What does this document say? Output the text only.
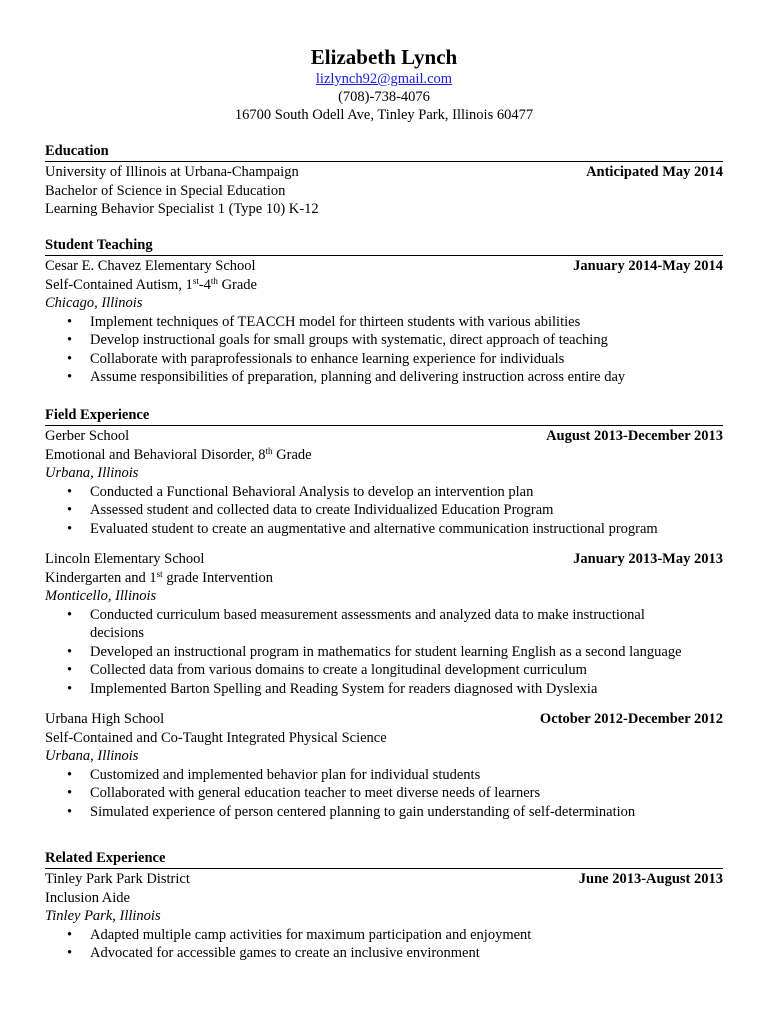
Elizabeth Lynch
lizlynch92@gmail.com
(708)-738-4076
16700 South Odell Ave, Tinley Park, Illinois 60477
Education
University of Illinois at Urbana-Champaign	Anticipated May 2014
Bachelor of Science in Special Education
Learning Behavior Specialist 1 (Type 10) K-12
Student Teaching
Cesar E. Chavez Elementary School	January 2014-May 2014
Self-Contained Autism, 1st-4th Grade
Chicago, Illinois
• Implement techniques of TEACCH model for thirteen students with various abilities
• Develop instructional goals for small groups with systematic, direct approach of teaching
• Collaborate with paraprofessionals to enhance learning experience for individuals
• Assume responsibilities of preparation, planning and delivering instruction across entire day
Field Experience
Gerber School	August 2013-December 2013
Emotional and Behavioral Disorder, 8th Grade
Urbana, Illinois
• Conducted a Functional Behavioral Analysis to develop an intervention plan
• Assessed student and collected data to create Individualized Education Program
• Evaluated student to create an augmentative and alternative communication instructional program
Lincoln Elementary School	January 2013-May 2013
Kindergarten and 1st grade Intervention
Monticello, Illinois
• Conducted curriculum based measurement assessments and analyzed data to make instructional decisions
• Developed an instructional program in mathematics for student learning English as a second language
• Collected data from various domains to create a longitudinal development curriculum
• Implemented Barton Spelling and Reading System for readers diagnosed with Dyslexia
Urbana High School	October 2012-December 2012
Self-Contained and Co-Taught Integrated Physical Science
Urbana, Illinois
• Customized and implemented behavior plan for individual students
• Collaborated with general education teacher to meet diverse needs of learners
• Simulated experience of person centered planning to gain understanding of self-determination
Related Experience
Tinley Park Park District	June 2013-August 2013
Inclusion Aide
Tinley Park, Illinois
• Adapted multiple camp activities for maximum participation and enjoyment
• Advocated for accessible games to create an inclusive environment
